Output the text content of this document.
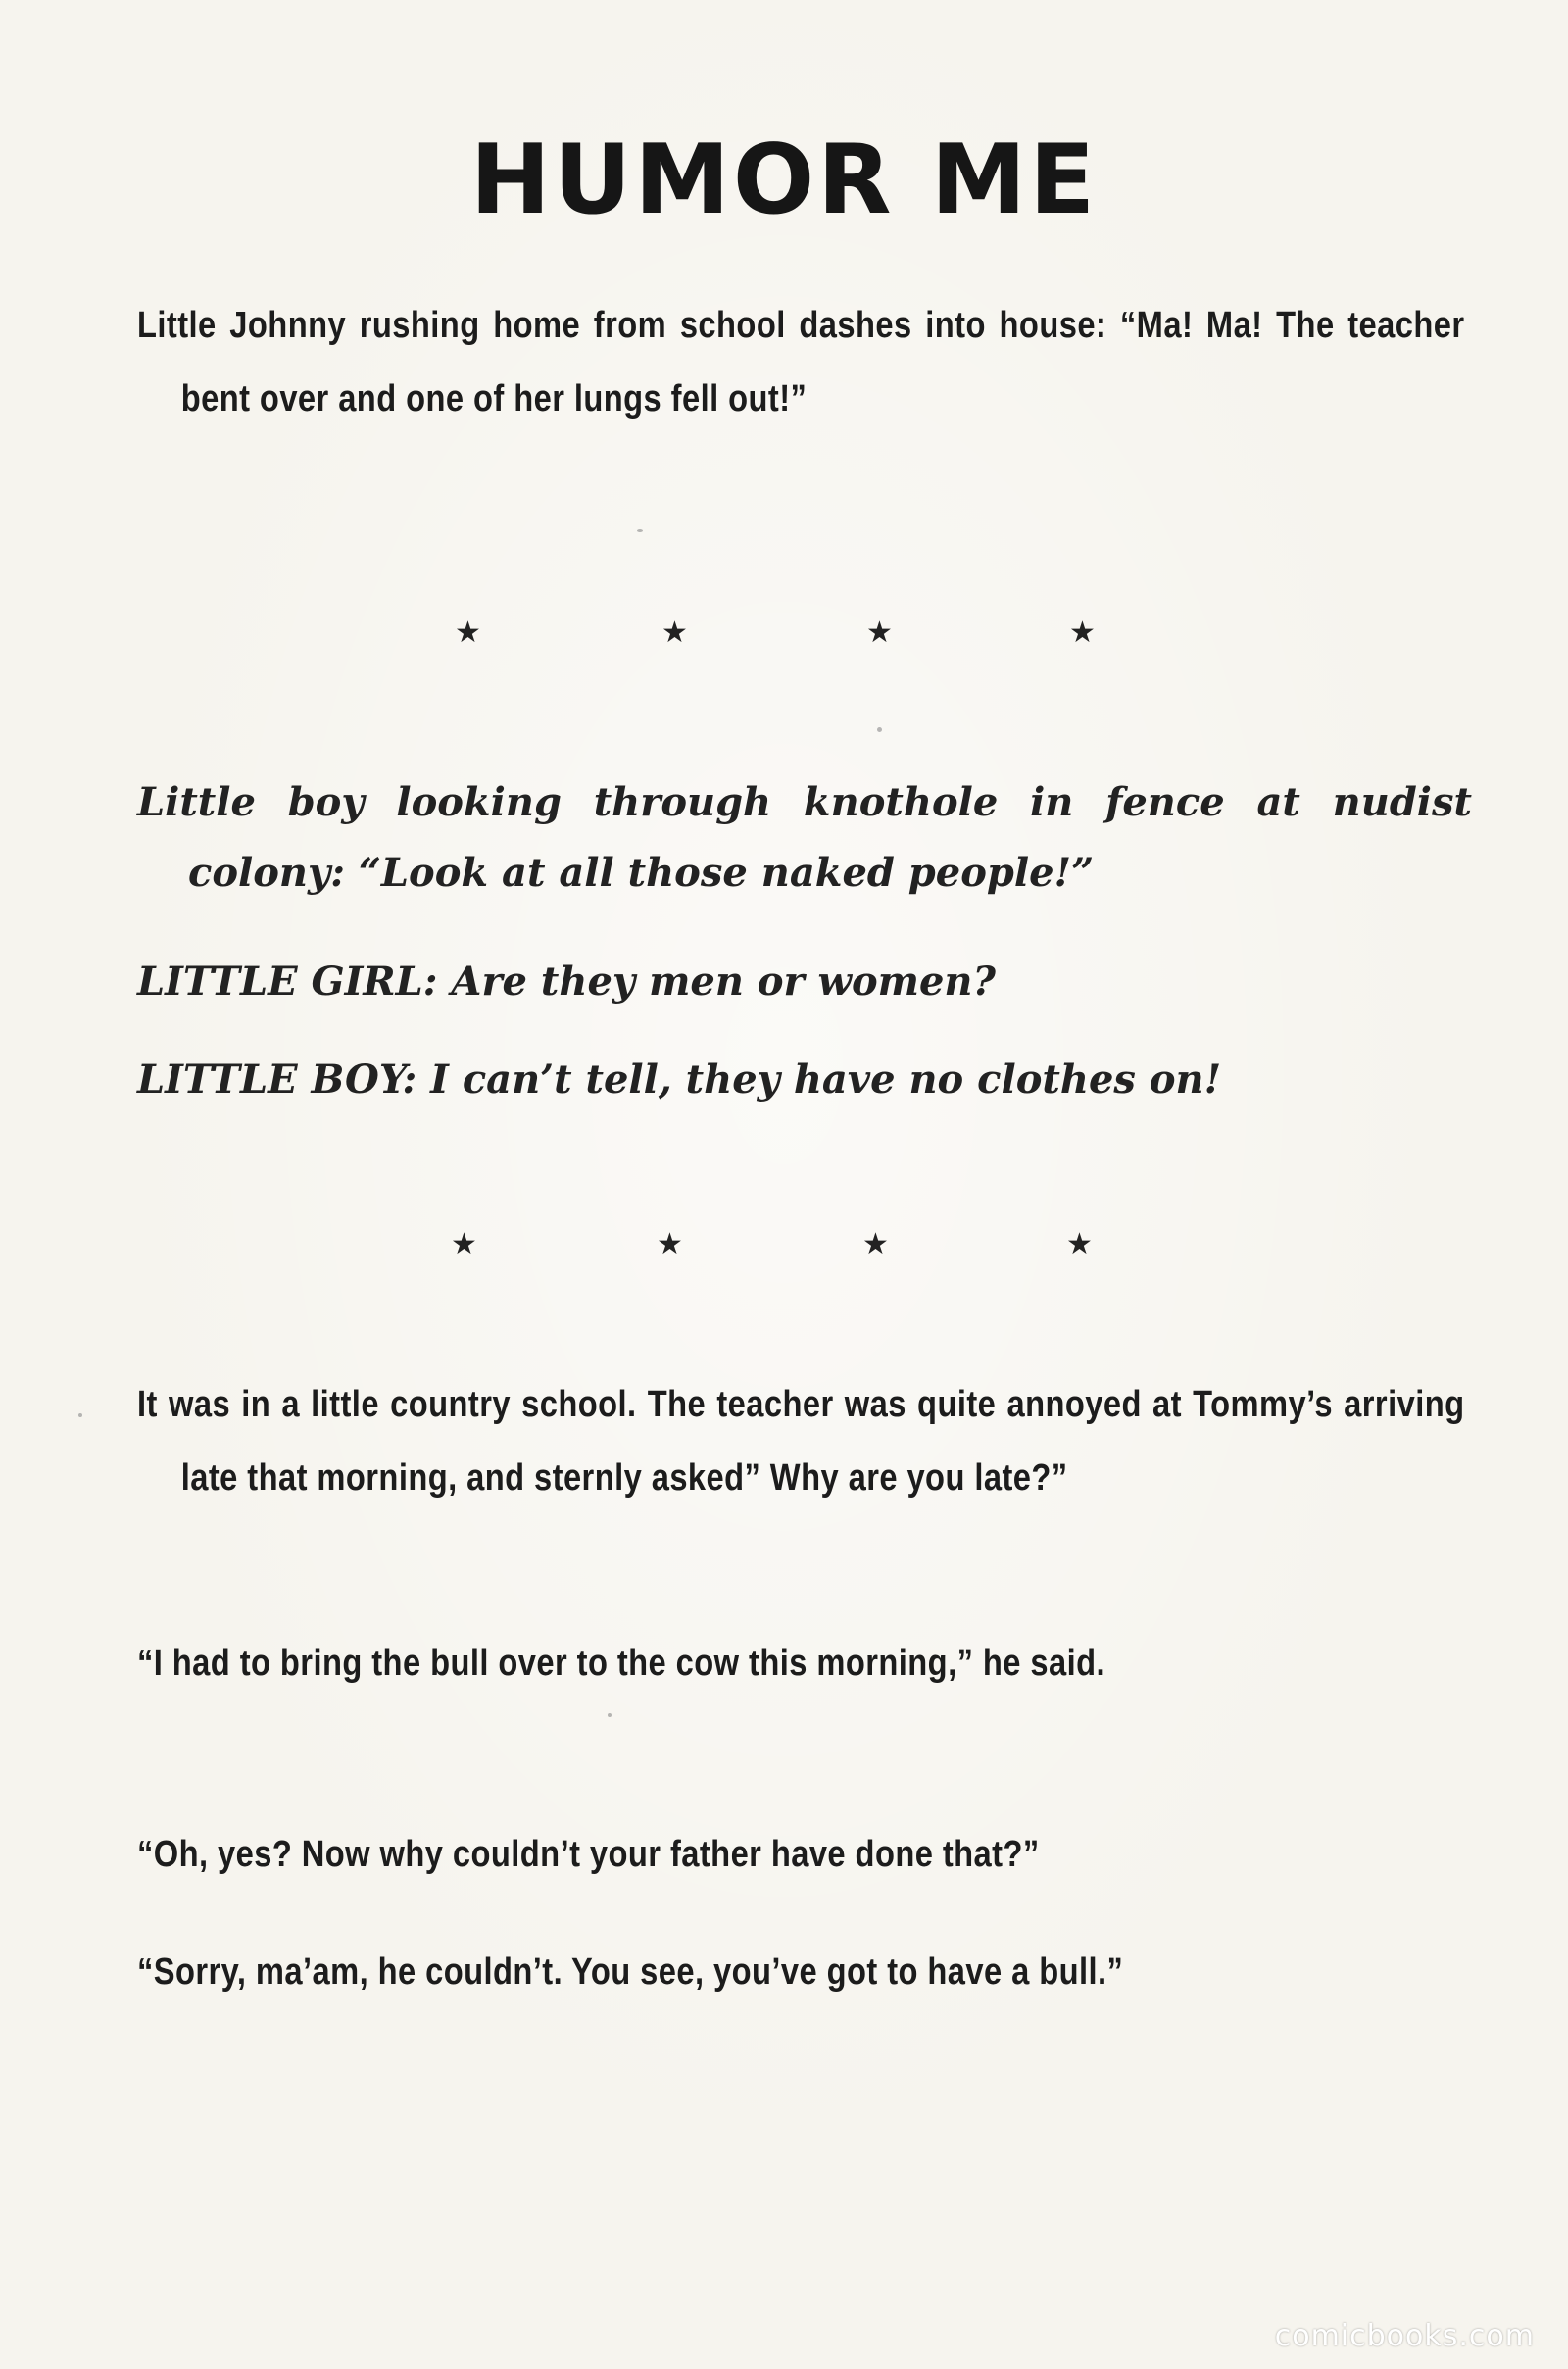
HUMOR ME

Little Johnny rushing home from school dashes into house: “Ma! Ma! The teacher bent over and one of her lungs fell out!”

★	★	★	★

Little boy looking through knothole in fence at nudist colony: “Look at all those naked people!”

LITTLE GIRL: Are they men or women?

LITTLE BOY: I can’t tell, they have no clothes on!

★	★	★	★

It was in a little country school. The teacher was quite annoyed at Tommy’s arriving late that morning, and sternly asked” Why are you late?”

“I had to bring the bull over to the cow this morning,” he said.

“Oh, yes? Now why couldn’t your father have done that?”

“Sorry, ma’am, he couldn’t. You see, you’ve got to have a bull.”

comicbooks.com
